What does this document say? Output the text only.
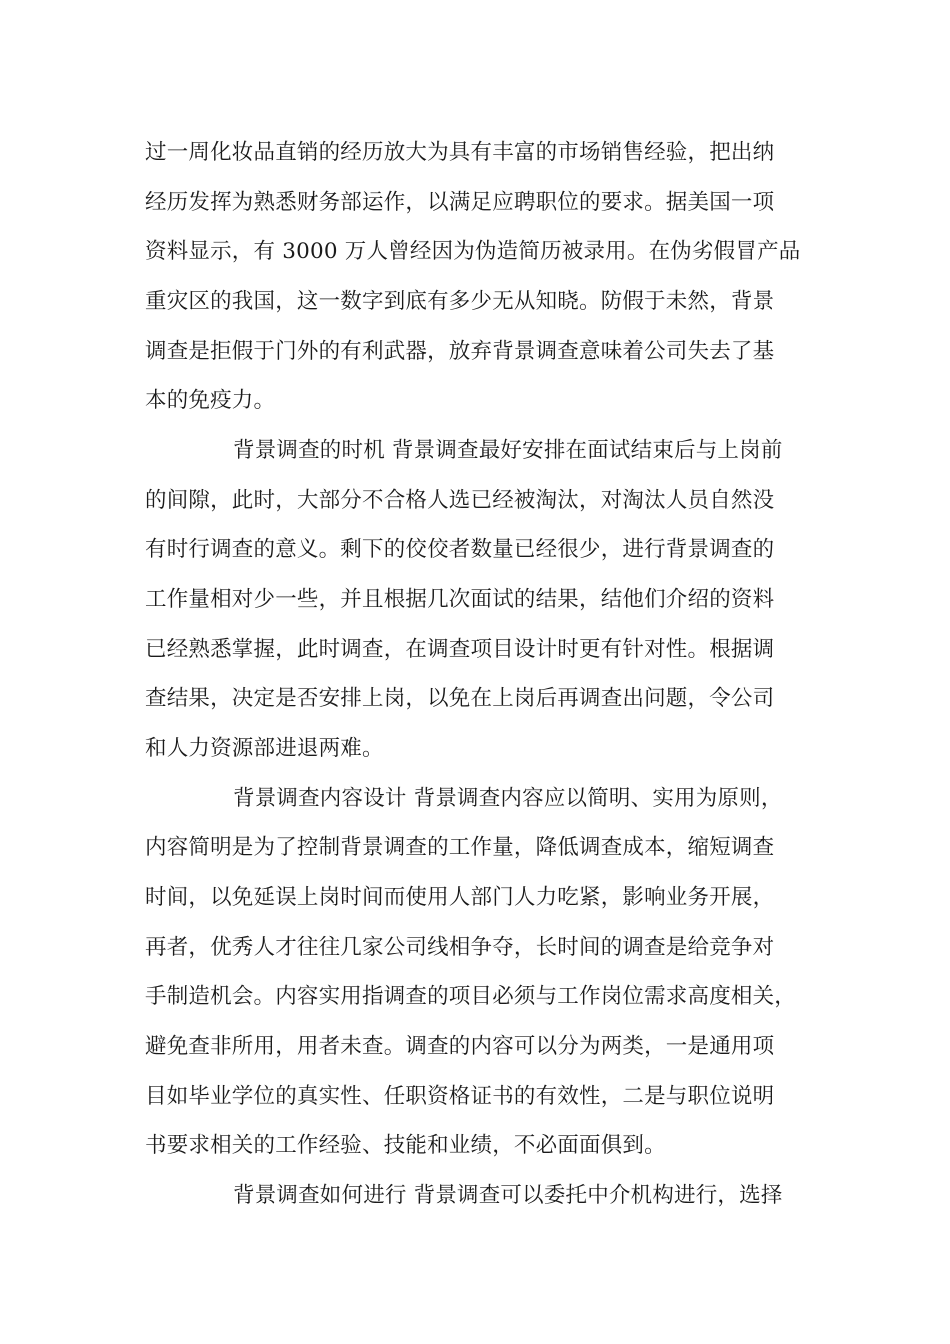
过一周化妆品直销的经历放大为具有丰富的市场销售经验，把出纳
经历发挥为熟悉财务部运作，以满足应聘职位的要求。据美国一项
资料显示，有 3000 万人曾经因为伪造简历被录用。在伪劣假冒产品
重灾区的我国，这一数字到底有多少无从知晓。防假于未然，背景
调查是拒假于门外的有利武器，放弃背景调查意味着公司失去了基
本的免疫力。
背景调查的时机 背景调查最好安排在面试结束后与上岗前
的间隙，此时，大部分不合格人选已经被淘汰，对淘汰人员自然没
有时行调查的意义。剩下的佼佼者数量已经很少，进行背景调查的
工作量相对少一些，并且根据几次面试的结果，结他们介绍的资料
已经熟悉掌握，此时调查，在调查项目设计时更有针对性。根据调
查结果，决定是否安排上岗，以免在上岗后再调查出问题，令公司
和人力资源部进退两难。
背景调查内容设计 背景调查内容应以简明、实用为原则，
内容简明是为了控制背景调查的工作量，降低调查成本，缩短调查
时间，以免延误上岗时间而使用人部门人力吃紧，影响业务开展，
再者，优秀人才往往几家公司线相争夺，长时间的调查是给竞争对
手制造机会。内容实用指调查的项目必须与工作岗位需求高度相关，
避免查非所用，用者未查。调查的内容可以分为两类，一是通用项
目如毕业学位的真实性、任职资格证书的有效性，二是与职位说明
书要求相关的工作经验、技能和业绩，不必面面俱到。
背景调查如何进行 背景调查可以委托中介机构进行，选择
